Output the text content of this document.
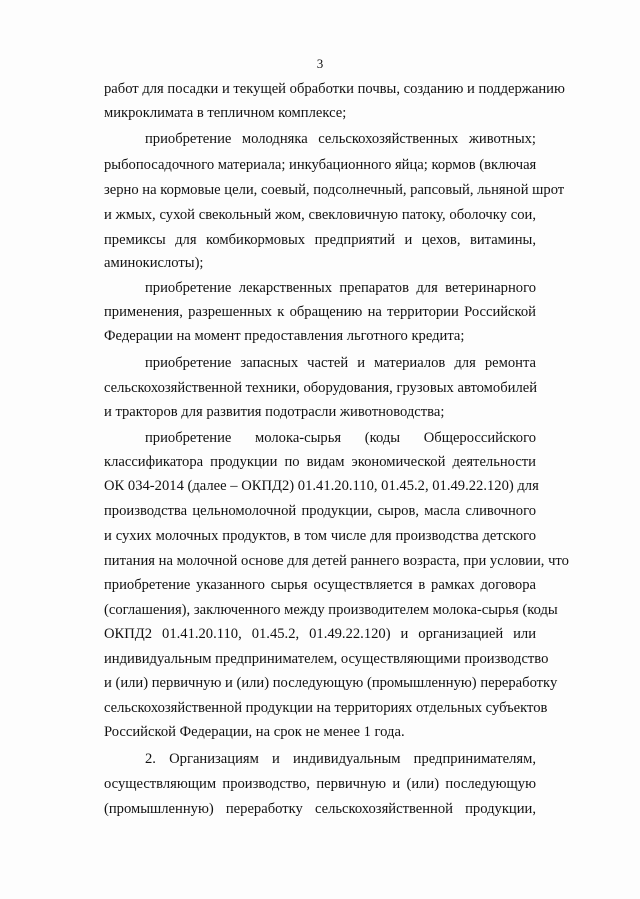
3
работ для посадки и текущей обработки почвы, созданию и поддержанию
микроклимата в тепличном комплексе;
приобретение молодняка сельскохозяйственных животных;
рыбопосадочного материала; инкубационного яйца; кормов (включая
зерно на кормовые цели, соевый, подсолнечный, рапсовый, льняной шрот
и жмых, сухой свекольный жом, свекловичную патоку, оболочку сои,
премиксы для комбикормовых предприятий и цехов, витамины,
аминокислоты);
приобретение лекарственных препаратов для ветеринарного
применения, разрешенных к обращению на территории Российской
Федерации на момент предоставления льготного кредита;
приобретение запасных частей и материалов для ремонта
сельскохозяйственной техники, оборудования, грузовых автомобилей
и тракторов для развития подотрасли животноводства;
приобретение молока-сырья (коды Общероссийского
классификатора продукции по видам экономической деятельности
ОК 034-2014 (далее – ОКПД2) 01.41.20.110, 01.45.2, 01.49.22.120) для
производства цельномолочной продукции, сыров, масла сливочного
и сухих молочных продуктов, в том числе для производства детского
питания на молочной основе для детей раннего возраста, при условии, что
приобретение указанного сырья осуществляется в рамках договора
(соглашения), заключенного между производителем молока-сырья (коды
ОКПД2 01.41.20.110, 01.45.2, 01.49.22.120) и организацией или
индивидуальным предпринимателем, осуществляющими производство
и (или) первичную и (или) последующую (промышленную) переработку
сельскохозяйственной продукции на территориях отдельных субъектов
Российской Федерации, на срок не менее 1 года.
2. Организациям и индивидуальным предпринимателям,
осуществляющим производство, первичную и (или) последующую
(промышленную) переработку сельскохозяйственной продукции,
